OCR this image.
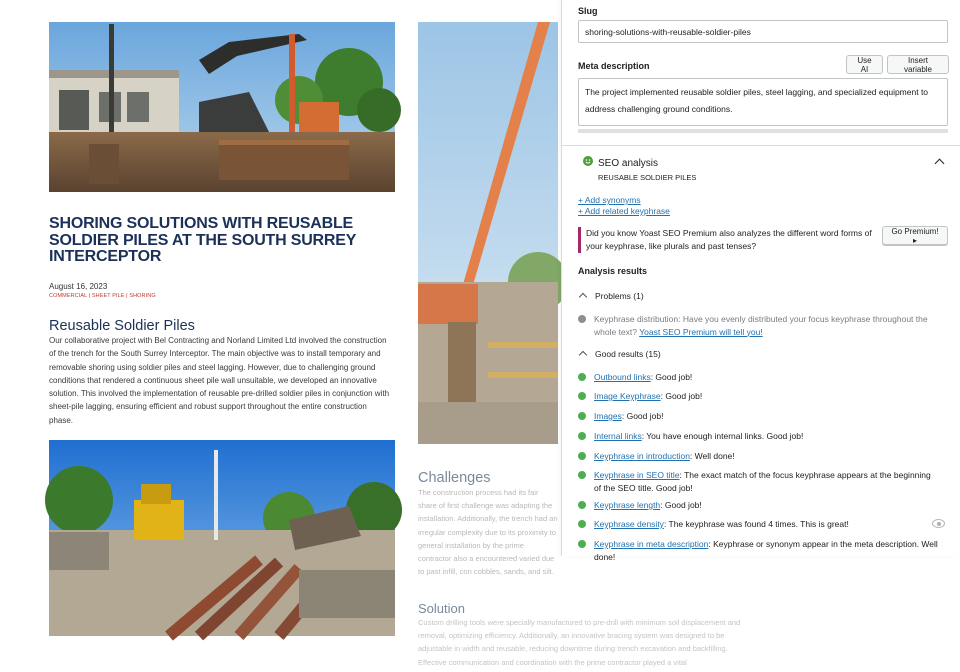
SHORING SOLUTIONS WITH REUSABLE SOLDIER PILES AT THE SOUTH SURREY INTERCEPTOR
August 16, 2023
COMMERCIAL | SHEET PILE | SHORING
Reusable Soldier Piles

Our collaborative project with Bel Contracting and Norland Limited Ltd involved the construction of the trench for the South Surrey Interceptor. The main objective was to install temporary and removable shoring using soldier piles and steel lagging. However, due to challenging ground conditions that rendered a continuous sheet pile wall unsuitable, we developed an innovative solution. This involved the implementation of reusable pre-drilled soldier piles in conjunction with sheet-pile lagging, ensuring efficient and robust support throughout the entire construction phase.

Challenges

The construction process had its fair share of first challenge was adapting the installation. Additionally, the trench had an irregular complexity due to its proximity to general installation by the prime contractor also a encountered varied due to past infill, con cobbles, sands, and silt.

Solution

Custom drilling tools were specially manufactured to pre-drill with minimum soil displacement and removal, optimizing efficiency. Additionally, an innovative bracing system was designed to be adjustable in width and reusable, reducing downtime during trench excavation and backfilling. Effective communication and coordination with the prime contractor played a vital

Slug
shoring-solutions-with-reusable-soldier-piles
Meta description
Use AI
Insert variable
The project implemented reusable soldier piles, steel lagging, and specialized equipment to address challenging ground conditions.
SEO analysis
REUSABLE SOLDIER PILES
+ Add synonyms
+ Add related keyphrase
Did you know Yoast SEO Premium also analyzes the different word forms of your keyphrase, like plurals and past tenses?
Go Premium! ▸
Analysis results
Problems (1)
Good results (15)
Keyphrase distribution: Have you evenly distributed your focus keyphrase throughout the whole text? Yoast SEO Premium will tell you!
Outbound links: Good job!
Image Keyphrase: Good job!
Images: Good job!
Internal links: You have enough internal links. Good job!
Keyphrase in introduction: Well done!
Keyphrase in SEO title: The exact match of the focus keyphrase appears at the beginning of the SEO title. Good job!
Keyphrase length: Good job!
Keyphrase density: The keyphrase was found 4 times. This is great!
Keyphrase in meta description: Keyphrase or synonym appear in the meta description. Well done!
